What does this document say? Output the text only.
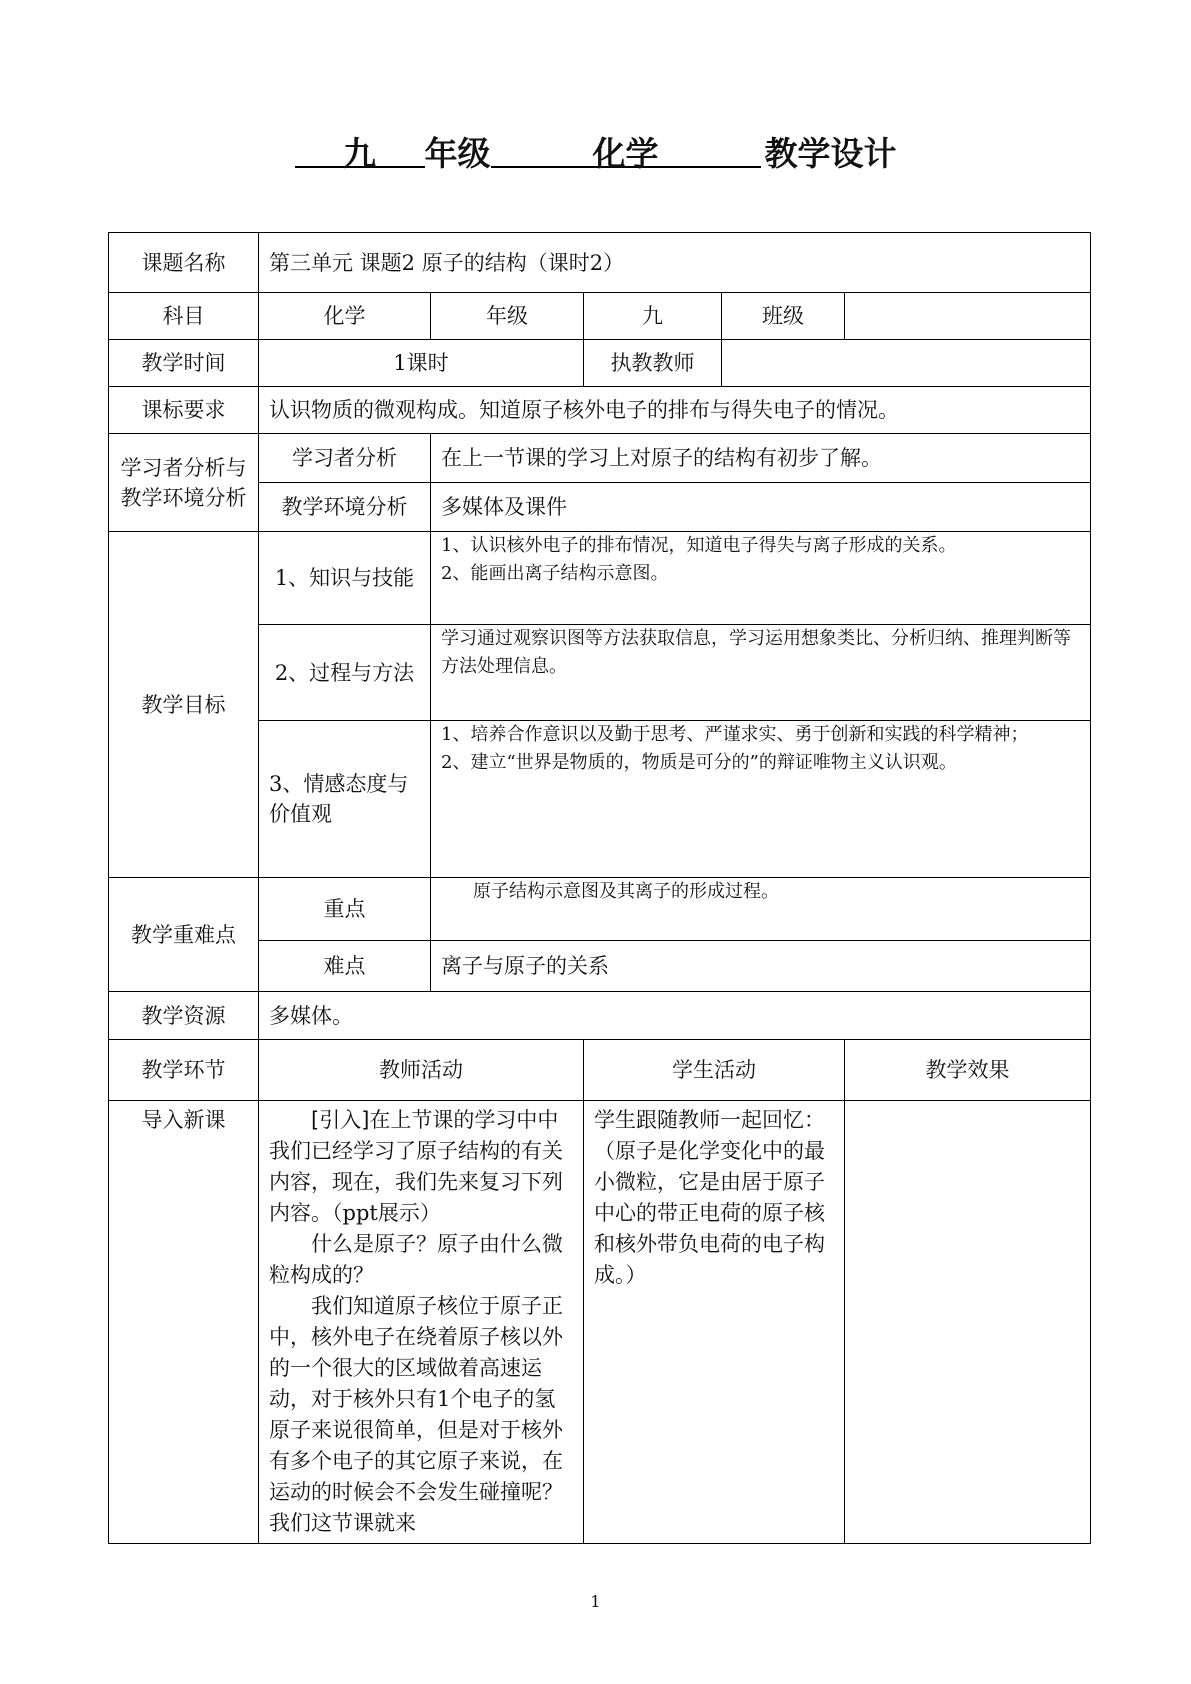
九 年级	化学	教学设计
课题名称	第三单元 课题2 原子的结构（课时2）				
科目	化学	年级	九	班级	
教学时间	1课时		执教教师		
课标要求	认识物质的微观构成。知道原子核外电子的排布与得失电子的情况。				
学习者分析与教学环境分析	学习者分析	在上一节课的学习上对原子的结构有初步了解。			
	教学环境分析	多媒体及课件			
教学目标	1、知识与技能	1、认识核外电子的排布情况，知道电子得失与离子形成的关系。

2、能画出离子结构示意图。			

	2、过程与方法	学习通过观察识图等方法获取信息，学习运用想象类比、分析归纳、推理判断等方法处理信息。			
	3、情感态度与价值观	1、培养合作意识以及勤于思考、严谨求实、勇于创新和实践的科学精神；

2、建立“世界是物质的，物质是可分的”的辩证唯物主义认识观。			

教学重难点	重点	原子结构示意图及其离子的形成过程。			
	难点	离子与原子的关系			
教学资源	多媒体。				
教学环节	教师活动		学生活动		教学效果
导入新课	[引入]在上节课的学习中中我们已经学习了原子结构的有关内容，现在，我们先来复习下列内容。（ppt展示）

什么是原子？原子由什么微粒构成的？

我们知道原子核位于原子正中，核外电子在绕着原子核以外的一个很大的区域做着高速运动，对于核外只有1个电子的氢原子来说很简单，但是对于核外有多个电子的其它原子来说，在运动的时候会不会发生碰撞呢？我们这节课就来		学生跟随教师一起回忆：（原子是化学变化中的最小微粒，它是由居于原子中心的带正电荷的原子核和核外带负电荷的电子构成。）		
1
